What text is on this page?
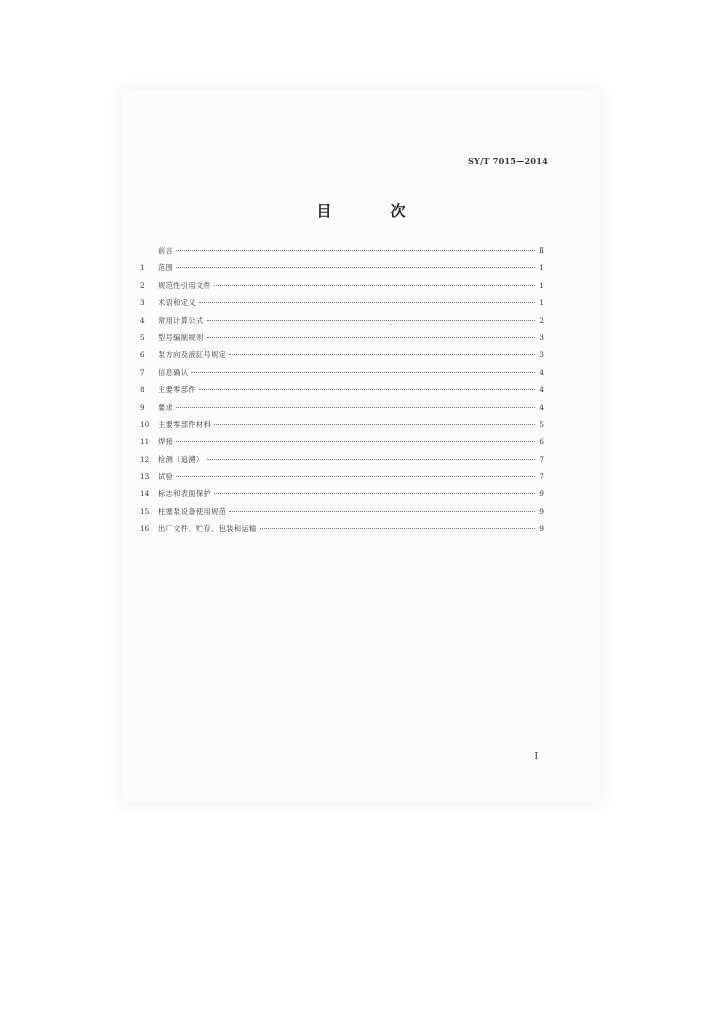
SY/T 7015—2014
目　次
前言	Ⅱ
1	范围	1
2	规范性引用文件	1
3	术语和定义	1
4	常用计算公式	2
5	型号编制规则	3
6	泵方向及液缸号规定	3
7	信息确认	4
8	主要零部件	4
9	要求	4
10	主要零部件材料	5
11	焊接	6
12	检测（追溯）	7
13	试验	7
14	标志和表面保护	9
15	柱塞泵设备使用规范	9
16	出厂文件、贮存、包装和运输	9
I
